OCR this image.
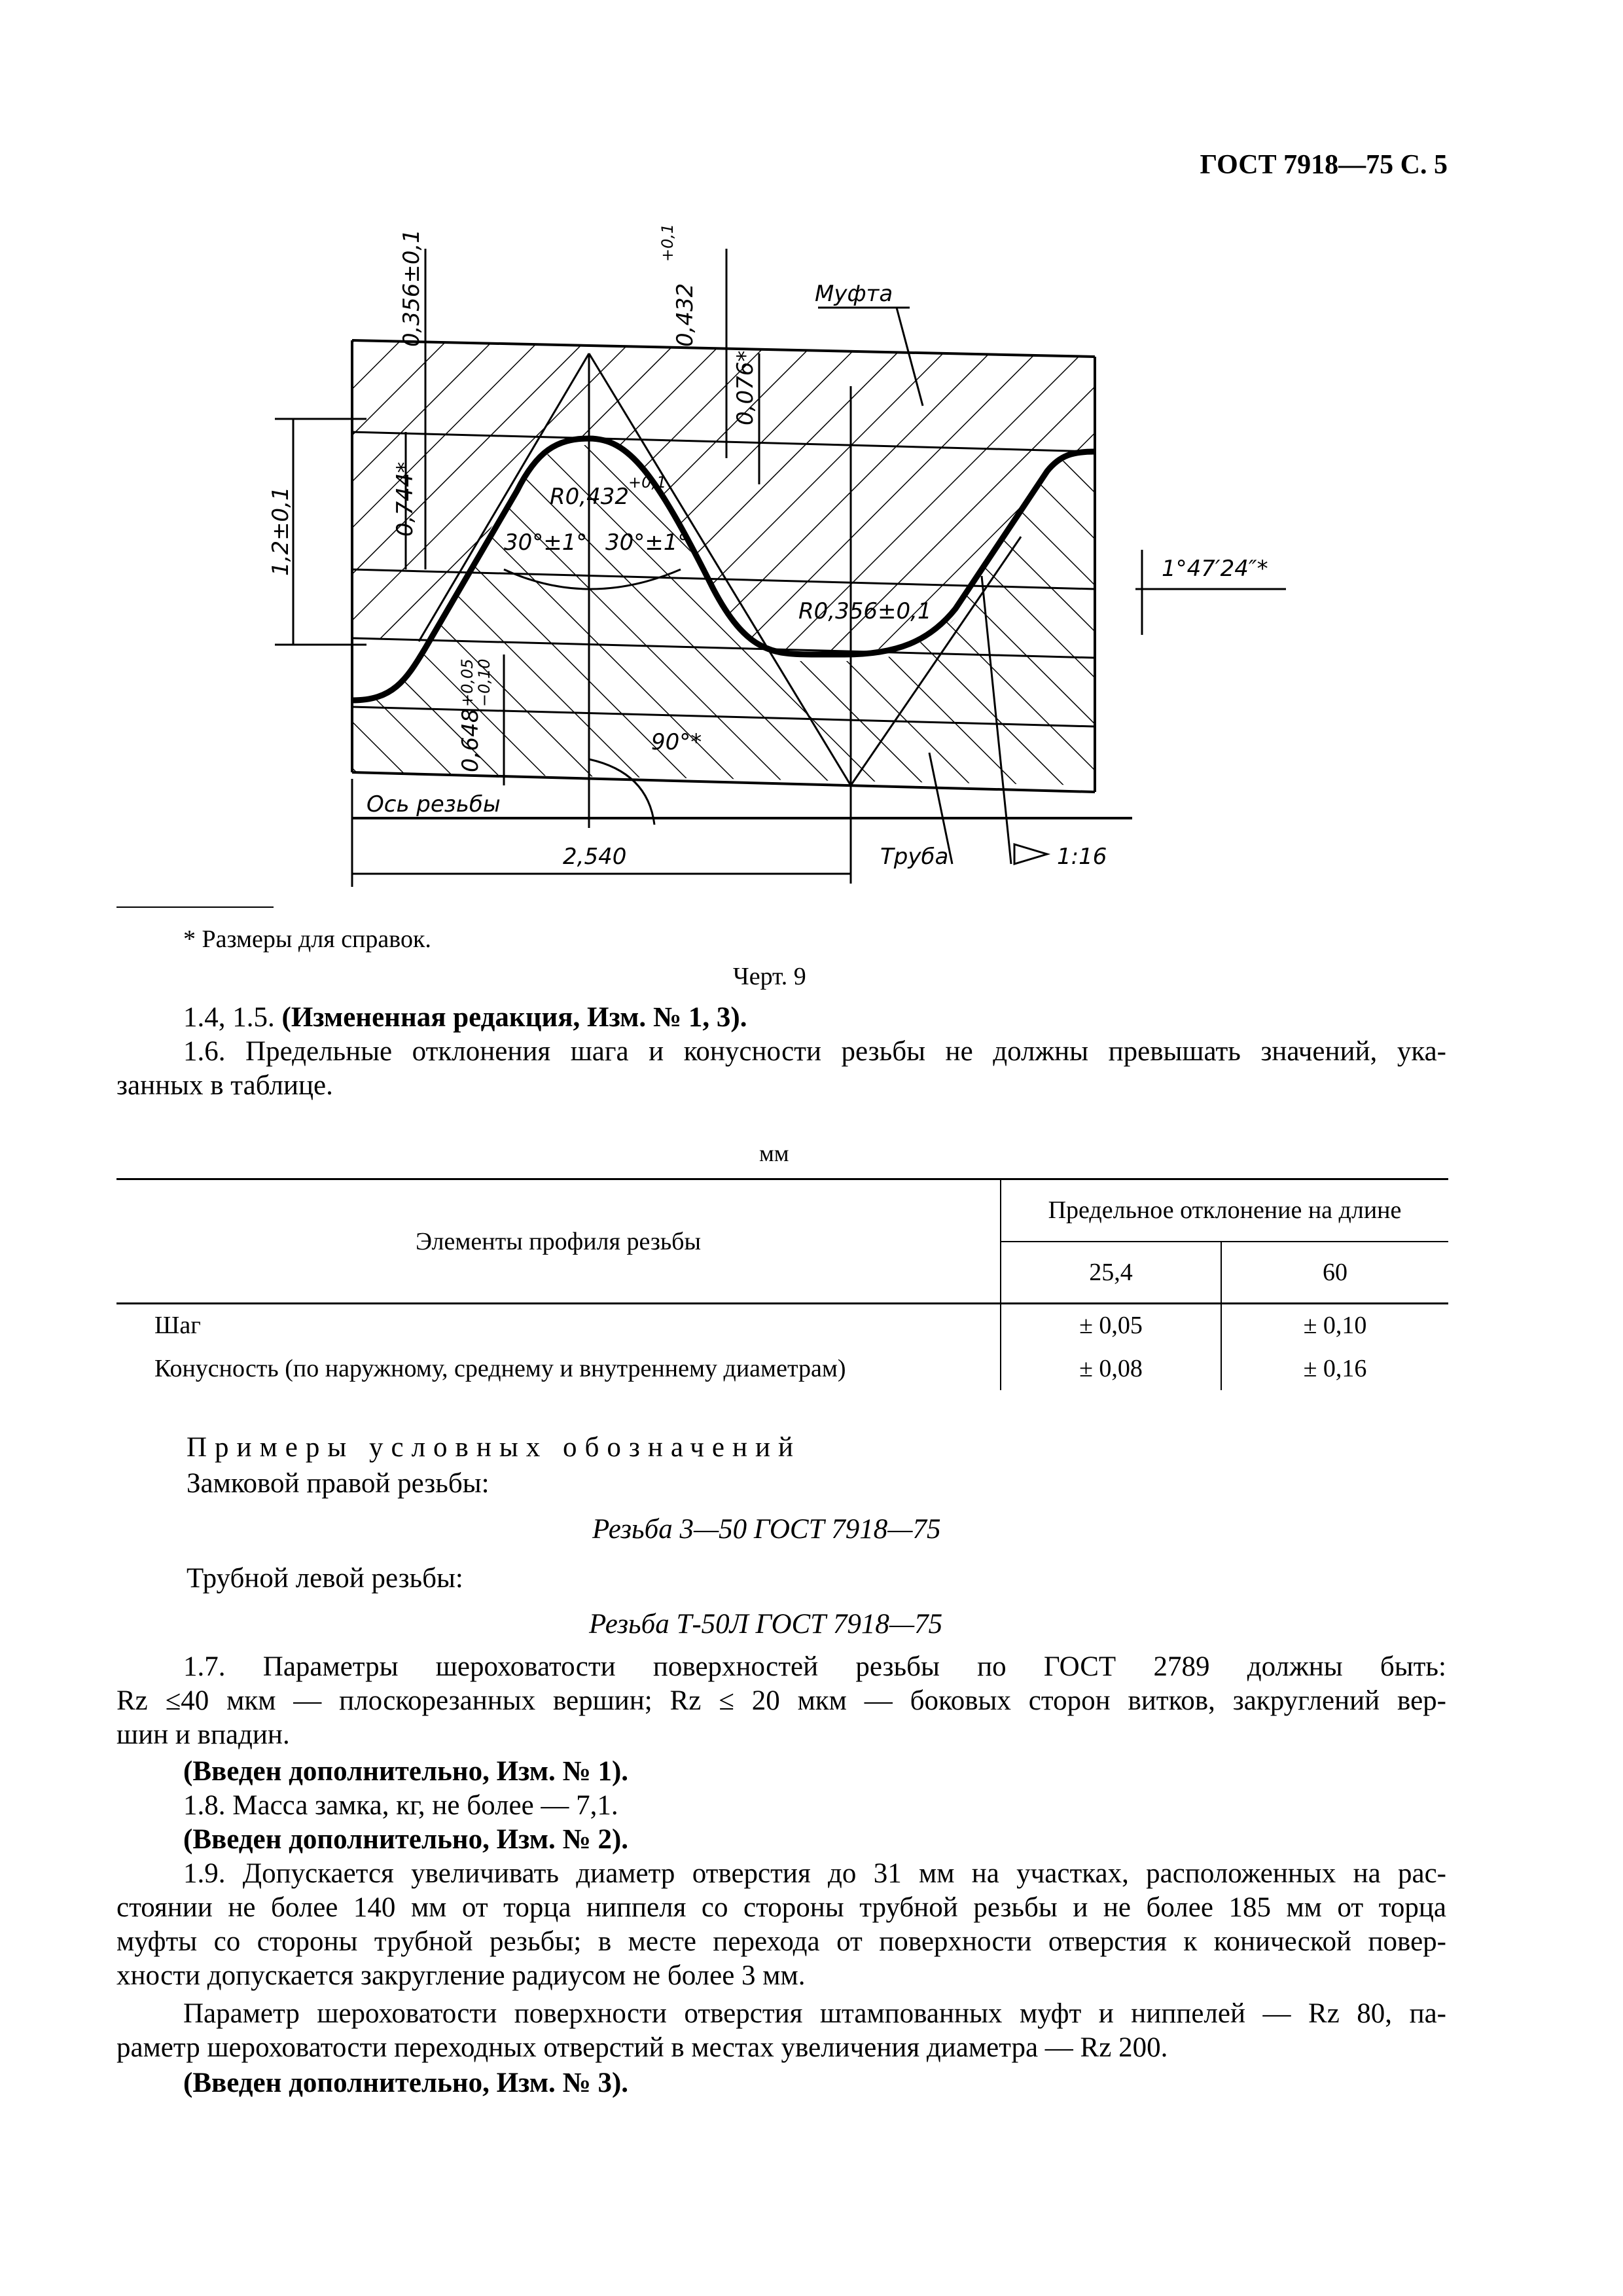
ГОСТ 7918—75 С. 5
0,356±0,1	0,432
+0,1
Муфта
0,076*
0,744*
1,2±0,1	R0,432
+0,1
30°±1° 30°±1°
1°47′24″*
R0,356±0,1
0,648
+0,05
−0,10
90°*
Ось резьбы
2,540	Труба	1:16
* Размеры для справок.
Черт. 9
1.4, 1.5. (Измененная редакция, Изм. № 1, 3).
1.6. Предельные отклонения шага и конусности резьбы не должны превышать значений, ука-
занных в таблице.
мм
Элементы профиля резьбы	Предельное отклонение на длине	
	25,4	60
Шаг	± 0,05	± 0,10
Конусность (по наружному, среднему и внутреннему диаметрам)	± 0,08	± 0,16
Примеры условных обозначений
Замковой правой резьбы:
Резьба 3—50 ГОСТ 7918—75
Трубной левой резьбы:
Резьба Т-50Л ГОСТ 7918—75
1.7. Параметры шероховатости поверхностей резьбы по ГОСТ 2789 должны быть:
Rz ≤40 мкм — плоскорезанных вершин; Rz ≤ 20 мкм — боковых сторон витков, закруглений вер-
шин и впадин.
(Введен дополнительно, Изм. № 1).
1.8. Масса замка, кг, не более — 7,1.
(Введен дополнительно, Изм. № 2).
1.9. Допускается увеличивать диаметр отверстия до 31 мм на участках, расположенных на рас-
стоянии не более 140 мм от торца ниппеля со стороны трубной резьбы и не более 185 мм от торца
муфты со стороны трубной резьбы; в месте перехода от поверхности отверстия к конической повер-
хности допускается закругление радиусом не более 3 мм.
Параметр шероховатости поверхности отверстия штампованных муфт и ниппелей — Rz 80, па-
раметр шероховатости переходных отверстий в местах увеличения диаметра — Rz 200.
(Введен дополнительно, Изм. № 3).
